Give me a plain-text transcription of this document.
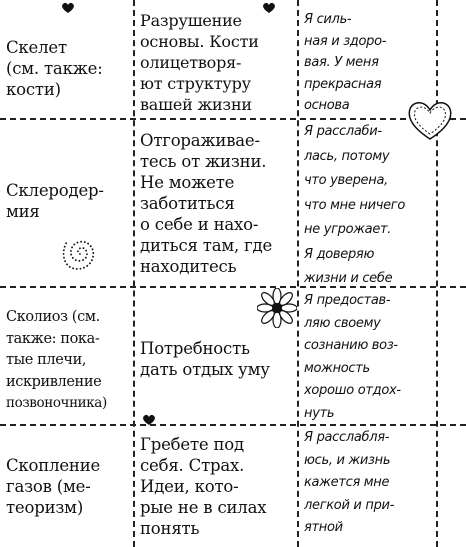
Скелет
(см. также:
кости)
Разрушение
основы. Кости
олицетворя-
ют структуру
вашей жизни
Я силь-
ная и здоро-
вая. У меня
прекрасная
основа
Склеродер-
мия
Отгораживае-
тесь от жизни.
Не можете
заботиться
о себе и нахо-
диться там, где
находитесь
Я расслаби-
лась, потому
что уверена,
что мне ничего
не угрожает.
Я доверяю
жизни и себе
Сколиоз (см.
также: пока-
тые плечи,
искривление
позвоночника)
Потребность
дать отдых уму
Я предостав-
ляю своему
сознанию воз-
можность
хорошо отдох-
нуть
Скопление
газов (ме-
теоризм)
Гребете под
себя. Страх.
Идеи, кото-
рые не в силах
понять
Я расслабля-
юсь, и жизнь
кажется мне
легкой и при-
ятной
